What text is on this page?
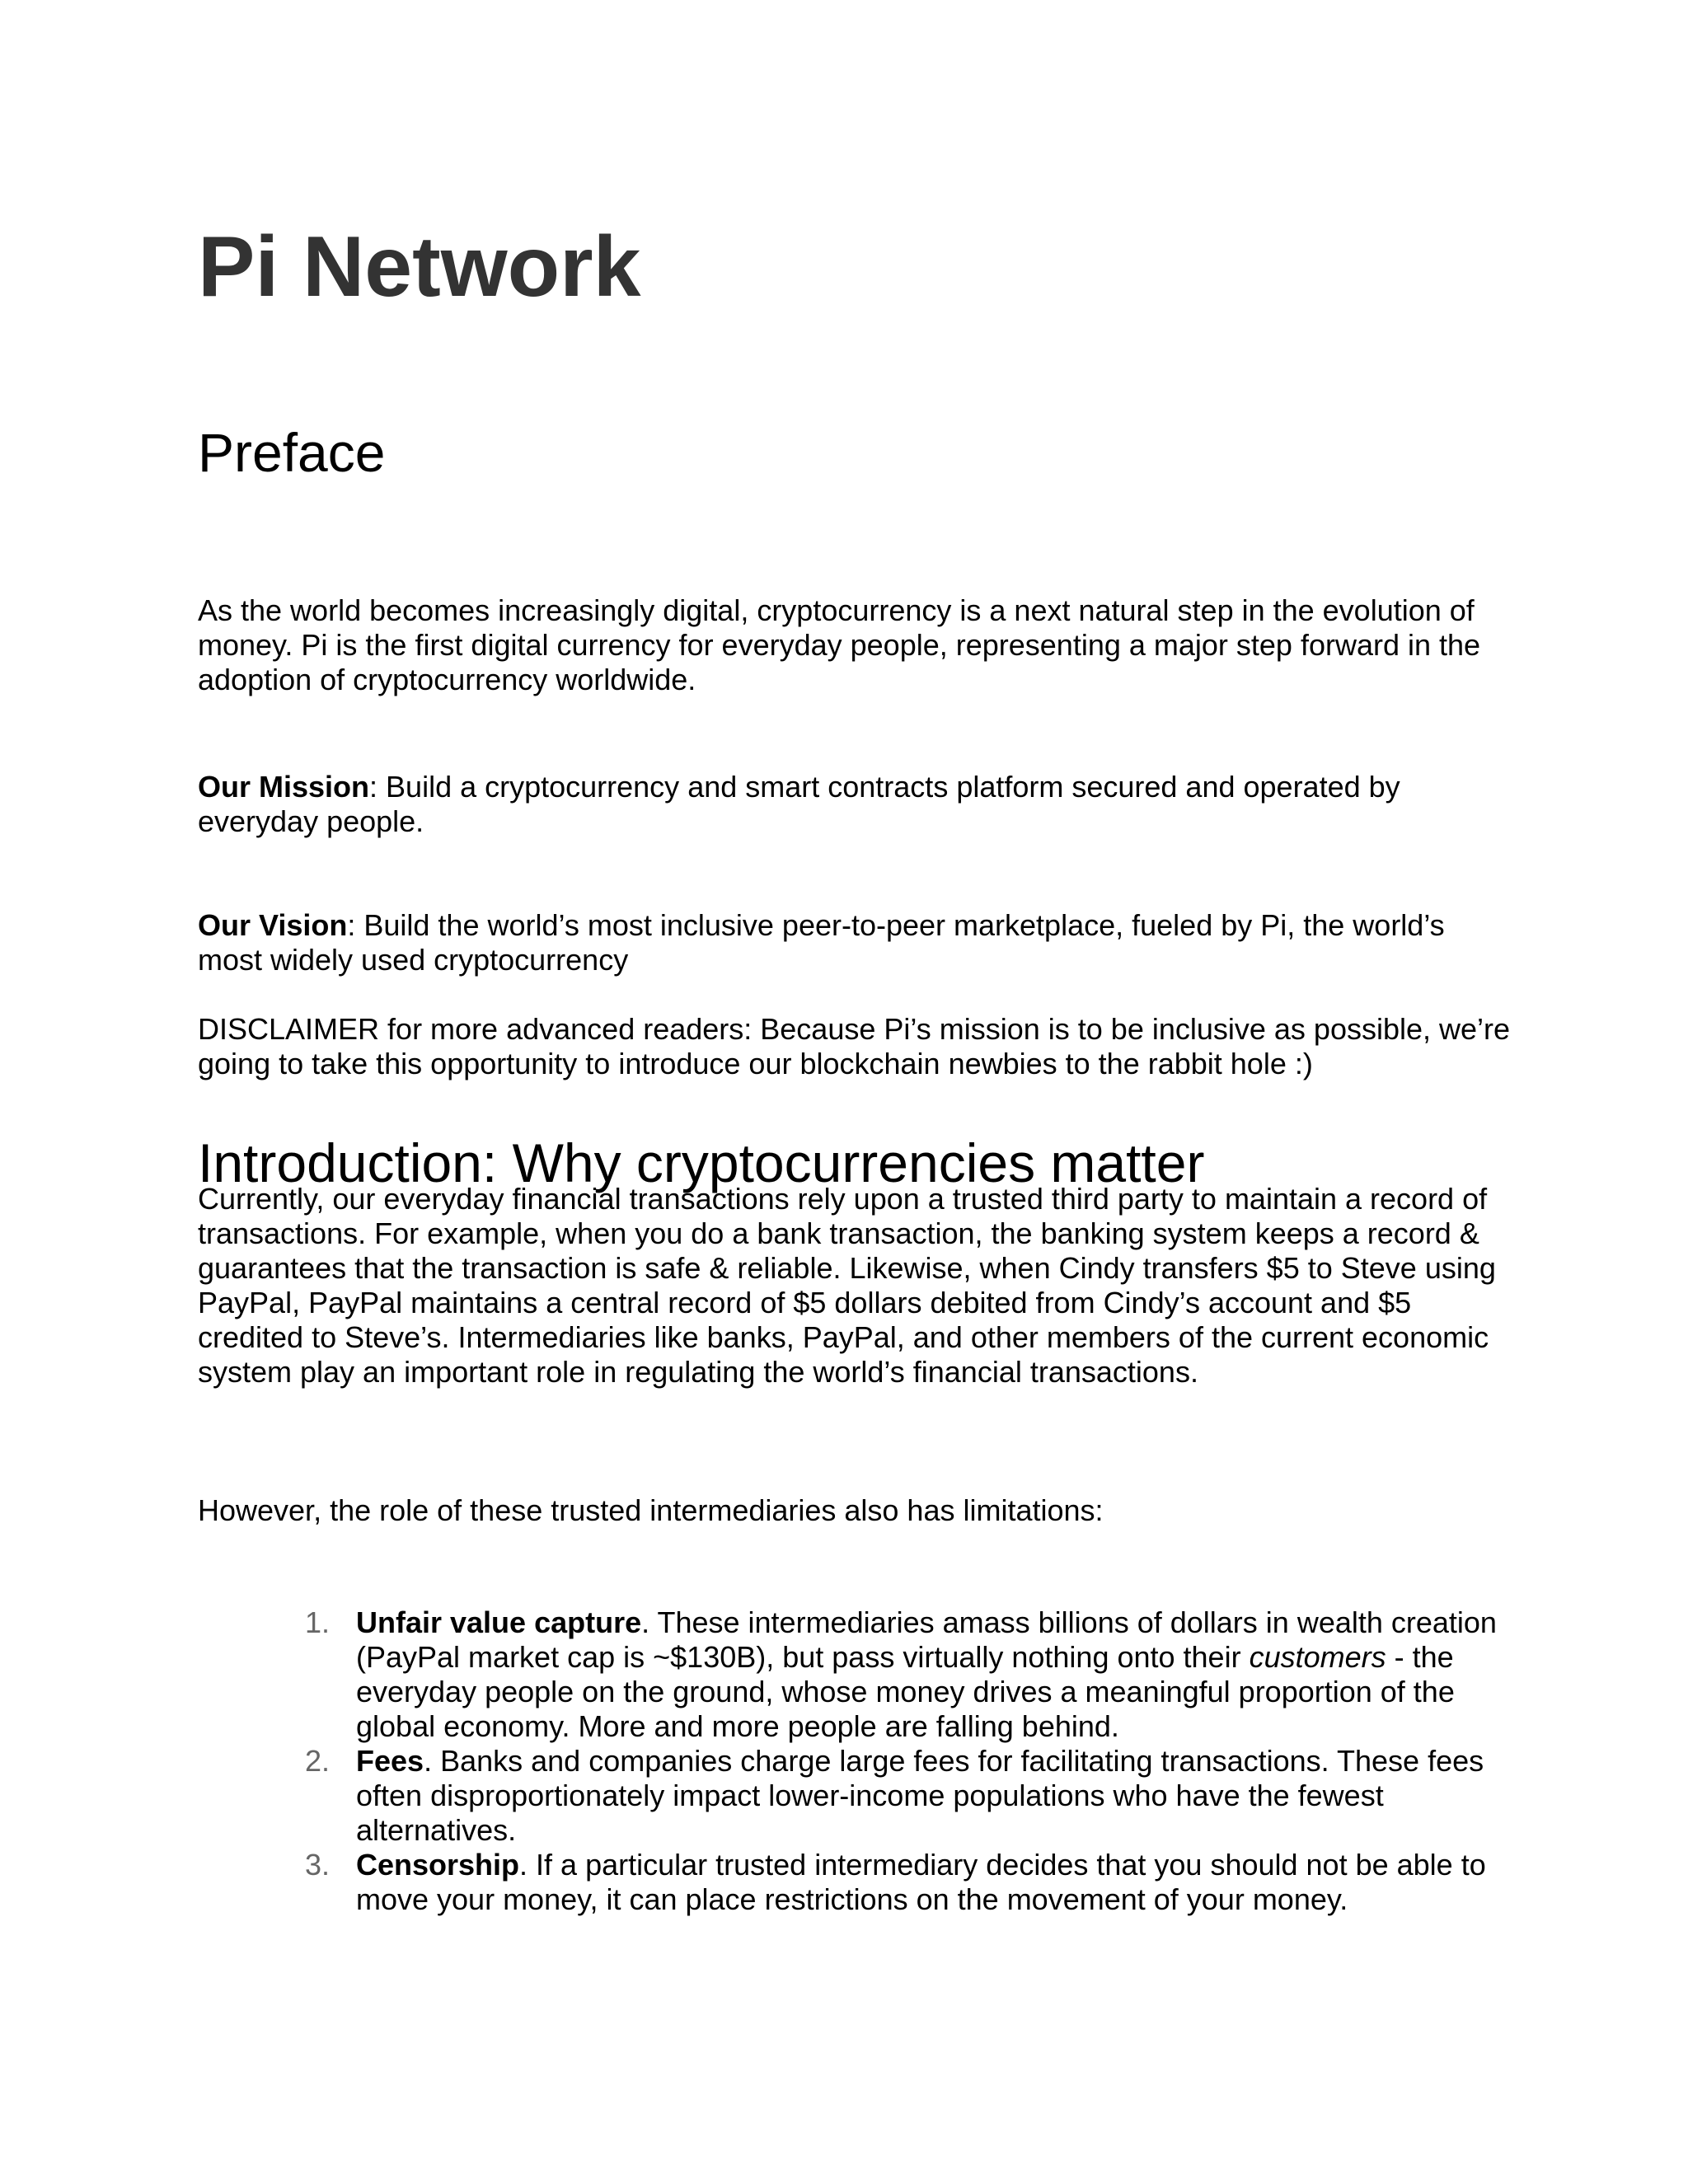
Pi Network
Preface

As the world becomes increasingly digital, cryptocurrency is a next natural step in the evolution of money. Pi is the first digital currency for everyday people, representing a major step forward in the adoption of cryptocurrency worldwide.

Our Mission: Build a cryptocurrency and smart contracts platform secured and operated by everyday people.

Our Vision: Build the world’s most inclusive peer-to-peer marketplace, fueled by Pi, the world’s most widely used cryptocurrency

DISCLAIMER for more advanced readers: Because Pi’s mission is to be inclusive as possible, we’re going to take this opportunity to introduce our blockchain newbies to the rabbit hole :)

Introduction: Why cryptocurrencies matter

Currently, our everyday financial transactions rely upon a trusted third party to maintain a record of transactions. For example, when you do a bank transaction, the banking system keeps a record & guarantees that the transaction is safe & reliable. Likewise, when Cindy transfers $5 to Steve using PayPal, PayPal maintains a central record of $5 dollars debited from Cindy’s account and $5 credited to Steve’s. Intermediaries like banks, PayPal, and other members of the current economic system play an important role in regulating the world’s financial transactions.

However, the role of these trusted intermediaries also has limitations:

1. Unfair value capture. These intermediaries amass billions of dollars in wealth creation (PayPal market cap is ~$130B), but pass virtually nothing onto their customers - the everyday people on the ground, whose money drives a meaningful proportion of the global economy. More and more people are falling behind.
2. Fees. Banks and companies charge large fees for facilitating transactions. These fees often disproportionately impact lower-income populations who have the fewest alternatives.
3. Censorship. If a particular trusted intermediary decides that you should not be able to move your money, it can place restrictions on the movement of your money.
